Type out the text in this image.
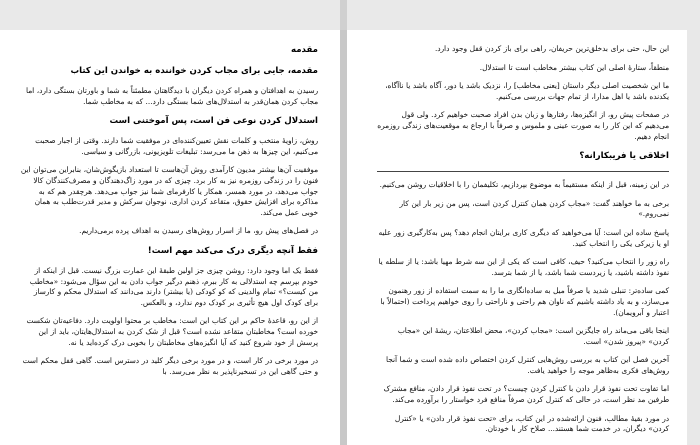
مقدمه
مقدمه، جایی برای مجاب کردن خواننده به خواندن این کتاب
رسیدن به اهدافتان و همراه کردن دیگران با دیدگاهتان مطمئناً به شما و باورتان بستگی دارد، اما مجاب کردن همان‌قدر به استدلال‌های شما بستگی دارد... که به مخاطب شما.
استدلال کردن نوعی فن است، پس آموختنی است
روش، زاویهٔ منتخب و کلمات نقش تعیین‌کننده‌ای در موفقیت شما دارند. وقتی از اجبار صحبت می‌کنیم، این چیزها به ذهن ما می‌رسد: تبلیغات تلویزیونی، بازرگانی و سیاسی.
موفقیت آن‌ها بیشتر مدیون کارآمدی روش آن‌هاست تا استعداد بازیگوش‌شان، بنابراین می‌توان این فنون را در زندگی روزمره نیز به کار برد. چیزی که در مورد زاگ‌دهندگان و مصرف‌کنندگان کالا جواب می‌دهد، در مورد همسر، همکار یا کارفرمای شما نیز جواب می‌دهد. هرچقدر هم که به مذاکره برای افزایش حقوق، متقاعد کردن اداری، نوجوان سرکش و مدیر قدرت‌طلب به همان خوبی عمل می‌کند.
در فصل‌های پیش رو، ما از اسرار روش‌های رسیدن به اهداف پرده برمی‌داریم.
فقط آنچه دیگری درک می‌کند مهم است!
فقط یک اما وجود دارد: روشن چیزی جز اولین طبقهٔ این عمارت بزرگ نیست. قبل از اینکه از خودم بپرسم چه استدلالی به کار ببرم، ذهنم درگیر جواب دادن به این سؤال می‌شود: «مخاطب من کیست؟» تمام والدینی که کو کودکی (یا بیشتر) دارند می‌دانند که استدلال محکم و کارساز برای کودک اول هیچ تأثیری بر کودک دوم ندارد، و بالعکس.
از این رو، قاعدهٔ حاکم بر این کتاب این است: مخاطب بر محتوا اولویت دارد. دفاعیه‌تان شکست خورده است؟ مخاطبتان متقاعد نشده است؟ قبل از شک کردن به استدلال‌هایتان، باید از این پرسش از خود شروع کنید که آیا انگیزه‌های مخاطبتان را بخوبی درک کرده‌اید یا نه.
در مورد برخی در کار است، و در مورد برخی دیگر کلید در دسترس است. گاهی قفل محکم است و حتی گاهی این در تسخیرناپذیر به نظر می‌رسد. با
این حال، حتی برای بدخلق‌ترین حریفان، راهی برای باز کردن قفل وجود دارد.
منطقاً، ستارهٔ اصلی این کتاب بیشتر مخاطب است تا استدلال.
ما این شخصیت اصلی دیگر داستان [یعنی مخاطب] را، نزدیک باشد یا دور، آگاه باشد یا ناآگاه، یکدنده باشد یا اهل مدارا، از تمام جهات بررسی می‌کنیم.
در صفحات پیش رو، از انگیزه‌ها، رفتارها و زبان بدن افراد صحبت خواهیم کرد. ولی قول می‌دهیم که این کار را به صورت عینی و ملموس و صرفاً با ارجاع به موقعیت‌های زندگی روزمره انجام دهیم.
اخلاقی یا فریبکارانه؟
در این زمینه، قبل از اینکه مستقیماً به موضوع بپردازیم، تکلیفمان را با اخلاقیات روشن می‌کنیم.
برخی به ما خواهند گفت: «مجاب کردن همان کنترل کردن است، پس من زیر بار این کار نمی‌روم.»
پاسخ ساده این است: آیا می‌خواهید که دیگری کاری برایتان انجام دهد؟ پس به‌کارگیری زور علیه او یا زیرکی یکی را انتخاب کنید.
راه زور را انتخاب می‌کنید؟ حیف، کافی است که یکی از این سه شرط مهیا باشد: یا از سلطه یا نفوذ داشته باشید، یا زیردست شما باشد، یا از شما بترسد.
کمی ساده‌تر: تنبلی شدید یا صرفاً میل به ساده‌انگاری ما را به سمت استفاده از زور رهنمون می‌سازد، و به یاد داشته باشیم که ناوان هم راحتی و ناراحتی را روی خواهیم پرداخت (احتمالاً با اعتبار و آبرویمان).
اینجا باقی می‌ماند راه جایگزین است: «مجاب کردن»، محض اطلاعتان، ریشهٔ این «مجاب کردن» «پیروز شدن» است.
آخرین فصل این کتاب به بررسی روش‌هایی کنترل کردن اختصاص داده شده است و شما آنجا روش‌های فکری به‌ظاهر موجه را خواهید یافت.
اما تفاوت تحت نفوذ قرار دادن با کنترل کردن چیست؟ در تحت نفوذ قرار دادن، منافع مشترک طرفین مد نظر است، در حالی که کنترل کردن صرفاً منافع فرد خواستار را برآورده می‌کند.
در مورد بقیهٔ مطالب، فنون ارائه‌شده در این کتاب، برای «تحت نفوذ قرار دادن» یا «کنترل کردن» دیگران، در خدمت شما هستند... صلاح کار با خودتان.
